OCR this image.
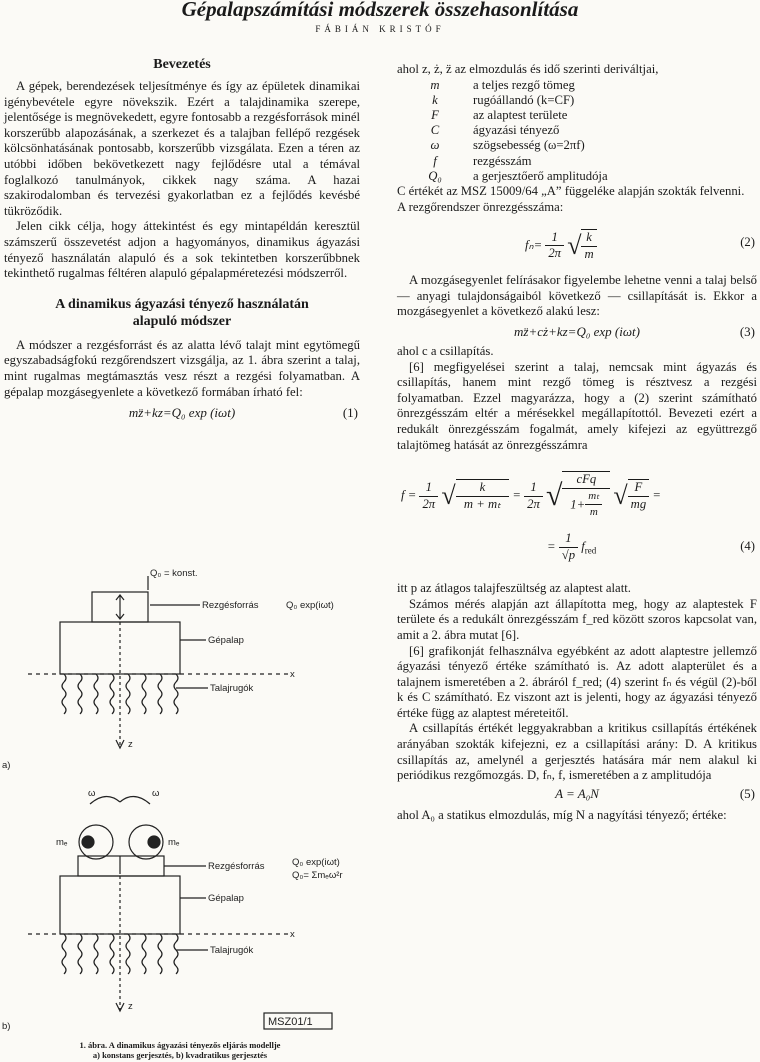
Gépalapszámítási módszerek összehasonlítása
FÁBIÁN KRISTÓF
Bevezetés

A gépek, berendezések teljesítménye és így az épületek dinamikai igénybevétele egyre növekszik. Ezért a talajdinamika szerepe, jelentősége is megnövekedett, egyre fontosabb a rezgésforrások minél korszerűbb alapozásának, a szerkezet és a talajban fellépő rezgések kölcsönhatásának pontosabb, korszerűbb vizsgálata. Ezen a téren az utóbbi időben bekövetkezett nagy fejlődésre utal a témával foglalkozó tanulmányok, cikkek nagy száma. A hazai szakirodalomban és tervezési gyakorlatban ez a fejlődés kevésbé tükröződik.

Jelen cikk célja, hogy áttekintést és egy mintapéldán keresztül számszerű összevetést adjon a hagyományos, dinamikus ágyazási tényező használatán alapuló és a sok tekintetben korszerűbbnek tekinthető rugalmas féltéren alapuló gépalapméretezési módszerről.

A dinamikus ágyazási tényező használatán
alapuló módszer

A módszer a rezgésforrást és az alatta lévő talajt mint egytömegű egyszabadságfokú rezgőrendszert vizsgálja, az 1. ábra szerint a talaj, mint rugalmas megtámasztás vesz részt a rezgési folyamatban. A gépalap mozgásegyenlete a következő formában írható fel:

mz̈+kz=Q₀ exp (iωt)	(1)
Q₀ = konst.
Rezgésforrás	Q₀ exp(iωt)
Gépalap
x
Talajrugók
z
a)
ω	ω
mₑ	mₑ
Rezgésforrás	Q₀ exp(iωt)
Q₀= Σmₑω²r
Gépalap
x
Talajrugók
z
b)	MSZ01/1
1. ábra. A dinamikus ágyazási tényezős eljárás modellje
a) konstans gerjesztés, b) kvadratikus gerjesztés

ahol z, ż, z̈ az elmozdulás és idő szerinti deriváltjai,

m	a teljes rezgő tömeg
k	rugóállandó (k=CF)
F	az alaptest területe
C	ágyazási tényező
ω	szögsebesség (ω=2πf)
f	rezgésszám
Q₀	a gerjesztőerő amplitudója

C értékét az MSZ 15009/64 „A” függeléke alapján szokták felvenni.

A rezgőrendszer önrezgésszáma:

$f_n= \frac{1}{2\pi}$ √ $\frac{k}{m}$	(2)

A mozgásegyenlet felírásakor figyelembe lehetne venni a talaj belső — anyagi tulajdonságaiból következő — csillapítását is. Ekkor a mozgásegyenlet a következő alakú lesz:

mz̈+cż+kz=Q₀ exp (iωt)	(3)

ahol c a csillapítás.

[6] megfigyelései szerint a talaj, nemcsak mint ágyazás és csillapítás, hanem mint rezgő tömeg is résztvesz a rezgési folyamatban. Ezzel magyarázza, hogy a (2) szerint számítható önrezgésszám eltér a mérésekkel megállapítottól. Bevezeti ezért a redukált önrezgésszám fogalmát, amely kifejezi az együttrezgő talajtömeg hatását az önrezgésszámra

$f = \frac{1}{2\pi}$ √ $\frac{k}{\text{m + mₜ}} = \frac{1}{2\pi}$ √ $\frac{\text{cFq}}{1+ \frac{\text{mₜ}}{m}}$ √ $\frac{F}{mg}$ =
= $\frac{1}{√p} f_{red}$	(4)

itt p az átlagos talajfeszültség az alaptest alatt.

Számos mérés alapján azt állapította meg, hogy az alaptestek F területe és a redukált önrezgésszám f_red között szoros kapcsolat van, amit a 2. ábra mutat [6].

[6] grafikonját felhasználva egyébként az adott alaptestre jellemző ágyazási tényező értéke számítható is. Az adott alapterület és a talajnem ismeretében a 2. ábráról f_red; (4) szerint fₙ és végül (2)-ből k és C számítható. Ez viszont azt is jelenti, hogy az ágyazási tényező értéke függ az alaptest méreteitől.

A csillapítás értékét leggyakrabban a kritikus csillapítás értékének arányában szokták kifejezni, ez a csillapítási arány: D. A kritikus csillapítás az, amelynél a gerjesztés hatására már nem alakul ki periódikus rezgőmozgás. D, fₙ, f, ismeretében a z amplitudója

A = A₀N	(5)

ahol A₀ a statikus elmozdulás, míg N a nagyítási tényező; értéke:
